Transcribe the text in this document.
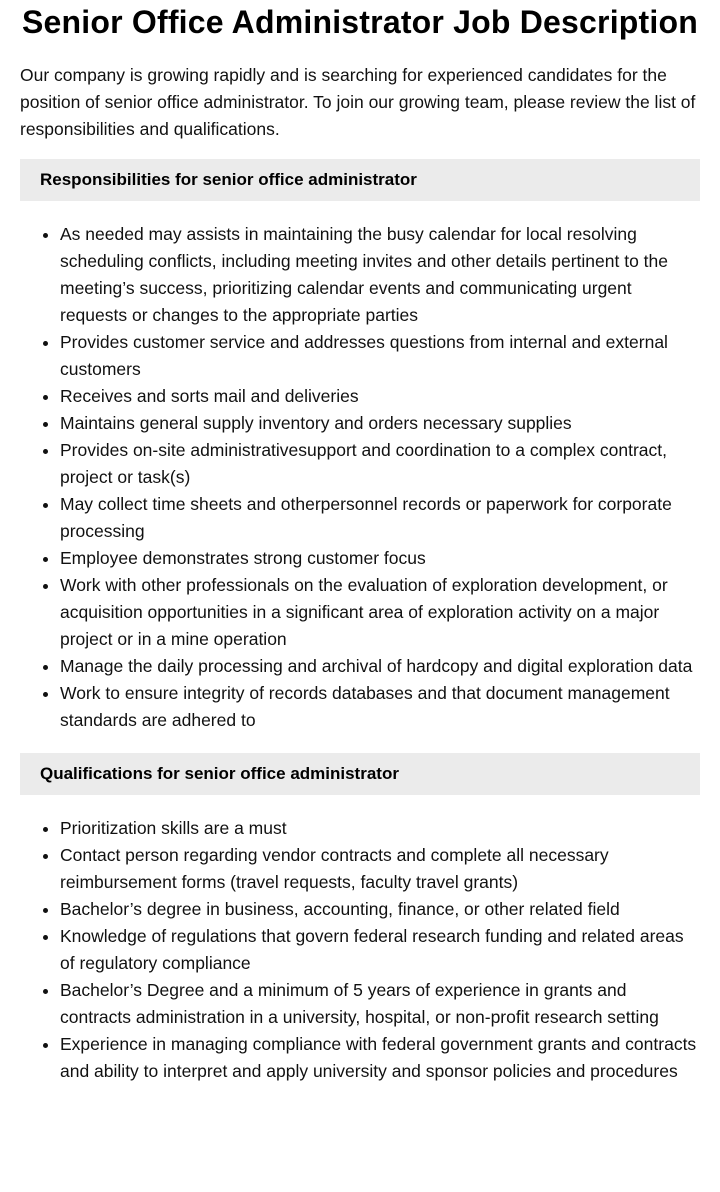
Senior Office Administrator Job Description

Our company is growing rapidly and is searching for experienced candidates for the position of senior office administrator. To join our growing team, please review the list of responsibilities and qualifications.

Responsibilities for senior office administrator
• As needed may assists in maintaining the busy calendar for local resolving scheduling conflicts, including meeting invites and other details pertinent to the meeting’s success, prioritizing calendar events and communicating urgent requests or changes to the appropriate parties
• Provides customer service and addresses questions from internal and external customers
• Receives and sorts mail and deliveries
• Maintains general supply inventory and orders necessary supplies
• Provides on-site administrativesupport and coordination to a complex contract, project or task(s)
• May collect time sheets and otherpersonnel records or paperwork for corporate processing
• Employee demonstrates strong customer focus
• Work with other professionals on the evaluation of exploration development, or acquisition opportunities in a significant area of exploration activity on a major project or in a mine operation
• Manage the daily processing and archival of hardcopy and digital exploration data
• Work to ensure integrity of records databases and that document management standards are adhered to
Qualifications for senior office administrator
• Prioritization skills are a must
• Contact person regarding vendor contracts and complete all necessary reimbursement forms (travel requests, faculty travel grants)
• Bachelor’s degree in business, accounting, finance, or other related field
• Knowledge of regulations that govern federal research funding and related areas of regulatory compliance
• Bachelor’s Degree and a minimum of 5 years of experience in grants and contracts administration in a university, hospital, or non-profit research setting
• Experience in managing compliance with federal government grants and contracts and ability to interpret and apply university and sponsor policies and procedures
